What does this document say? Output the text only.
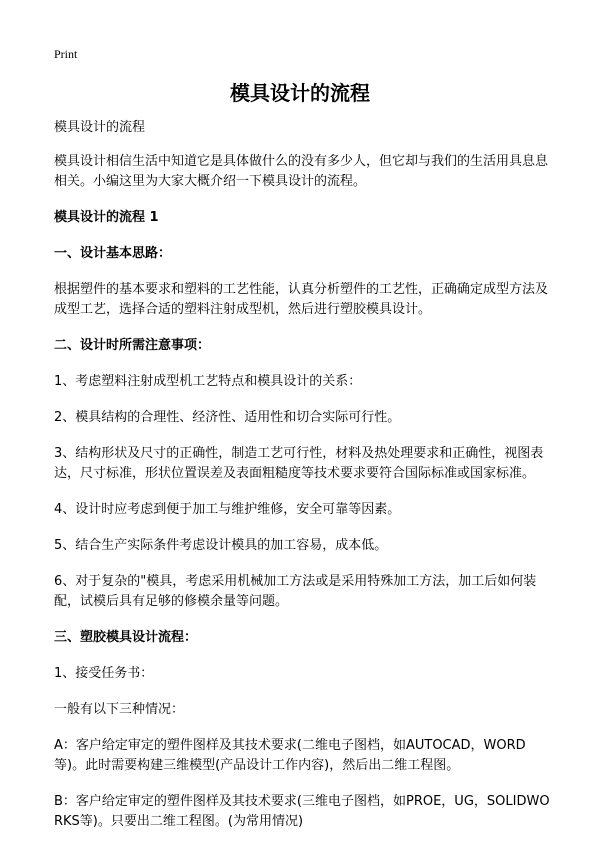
Print
模具设计的流程
模具设计的流程
模具设计相信生活中知道它是具体做什么的没有多少人，但它却与我们的生活用具息息相关。小编这里为大家大概介绍一下模具设计的流程。
模具设计的流程 1
一、设计基本思路：
根据塑件的基本要求和塑料的工艺性能，认真分析塑件的工艺性，正确确定成型方法及成型工艺，选择合适的塑料注射成型机，然后进行塑胶模具设计。
二、设计时所需注意事项：
1、考虑塑料注射成型机工艺特点和模具设计的关系：
2、模具结构的合理性、经济性、适用性和切合实际可行性。
3、结构形状及尺寸的正确性，制造工艺可行性，材料及热处理要求和正确性，视图表达，尺寸标准，形状位置误差及表面粗糙度等技术要求要符合国际标准或国家标准。
4、设计时应考虑到便于加工与维护维修，安全可靠等因素。
5、结合生产实际条件考虑设计模具的加工容易，成本低。
6、对于复杂的"模具，考虑采用机械加工方法或是采用特殊加工方法，加工后如何装配，试模后具有足够的修模余量等问题。
三、塑胶模具设计流程：
1、接受任务书：
一般有以下三种情况：
A：客户给定审定的塑件图样及其技术要求(二维电子图档，如AUTOCAD，WORD等)。此时需要构建三维模型(产品设计工作内容)，然后出二维工程图。
B：客户给定审定的塑件图样及其技术要求(三维电子图档，如PROE，UG，SOLIDWORKS等)。只要出二维工程图。(为常用情况)
